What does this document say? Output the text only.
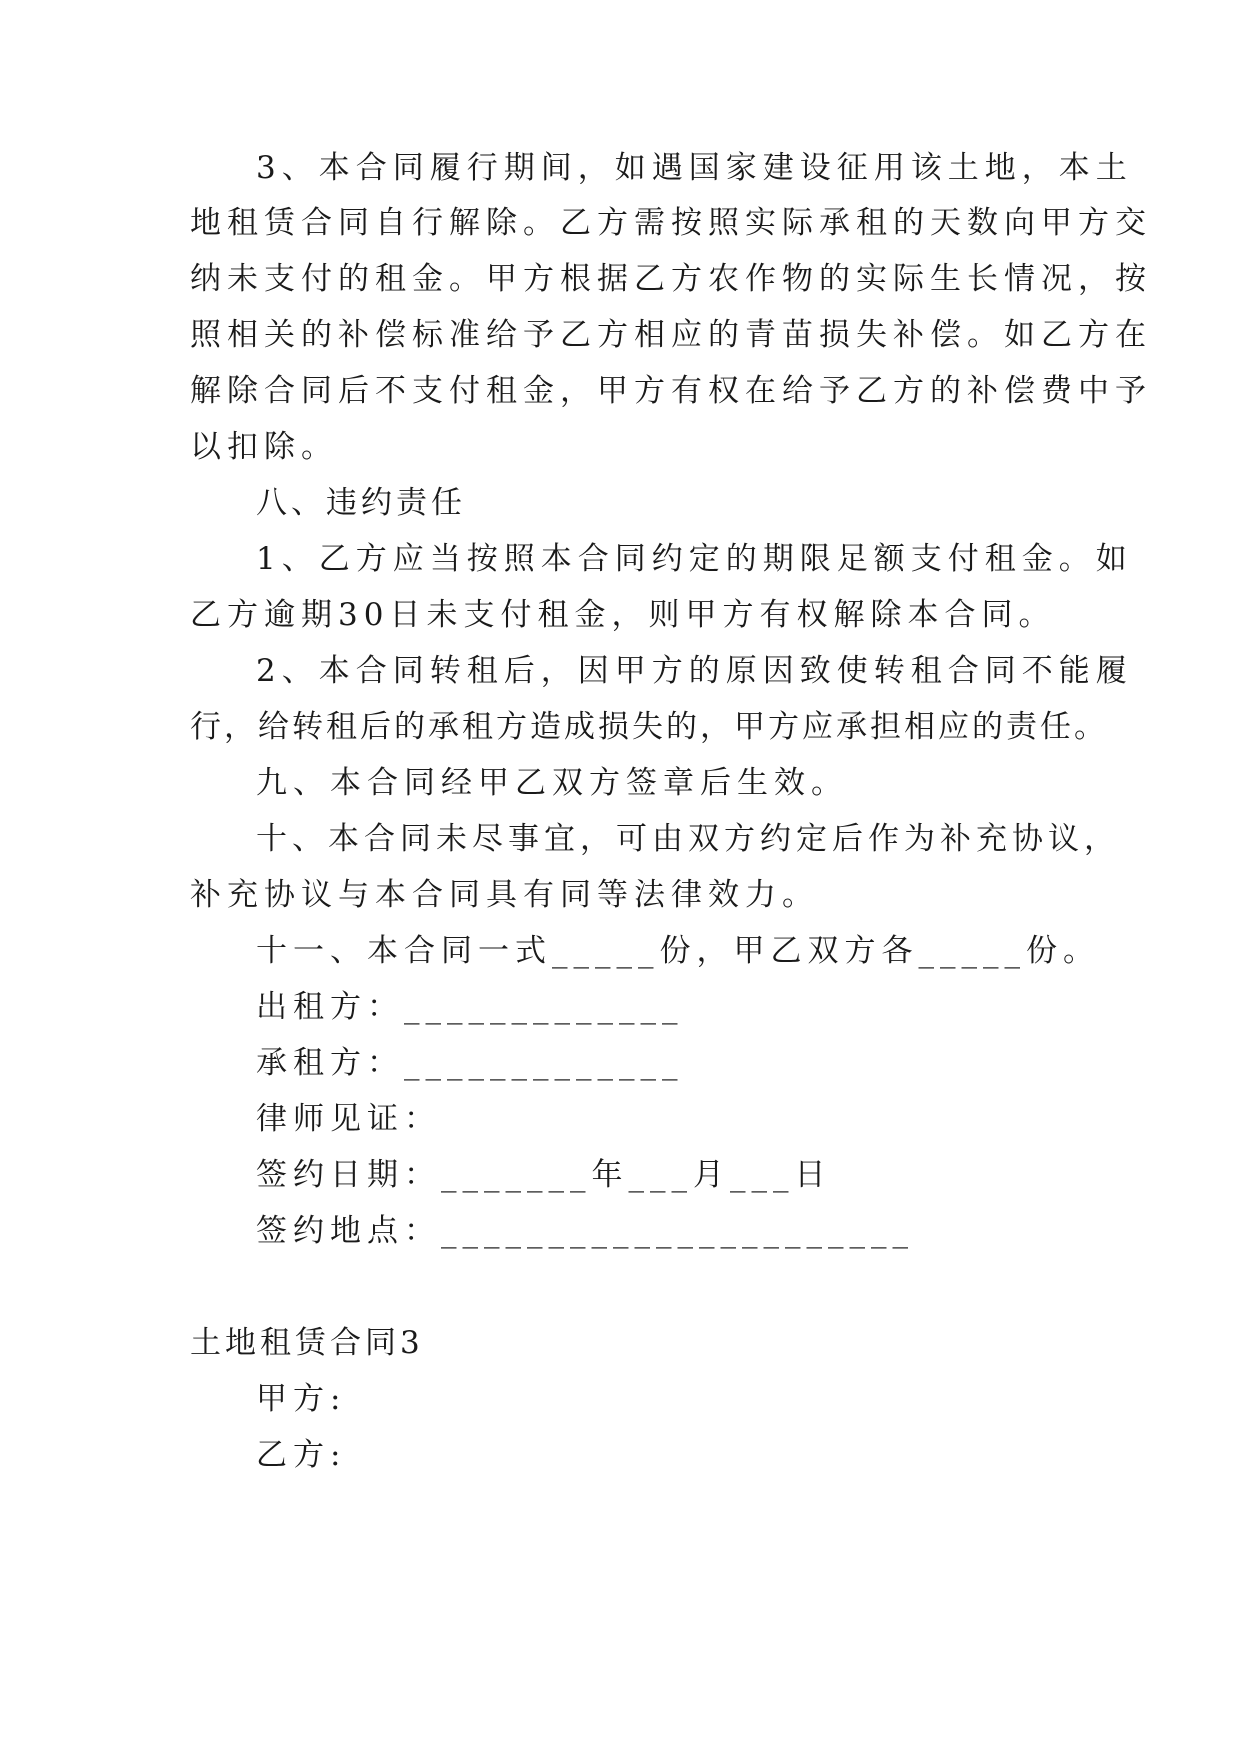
3、本合同履行期间，如遇国家建设征用该土地，本土
地租赁合同自行解除。乙方需按照实际承租的天数向甲方交
纳未支付的租金。甲方根据乙方农作物的实际生长情况，按
照相关的补偿标准给予乙方相应的青苗损失补偿。如乙方在
解除合同后不支付租金，甲方有权在给予乙方的补偿费中予
以扣除。
八、违约责任
1、乙方应当按照本合同约定的期限足额支付租金。如
乙方逾期30日未支付租金，则甲方有权解除本合同。
2、本合同转租后，因甲方的原因致使转租合同不能履
行，给转租后的承租方造成损失的，甲方应承担相应的责任。
九、本合同经甲乙双方签章后生效。
十、本合同未尽事宜，可由双方约定后作为补充协议，
补充协议与本合同具有同等法律效力。
十一、本合同一式_____份，甲乙双方各_____份。
出租方：_____________
承租方：_____________
律师见证：
签约日期：_______年___月___日
签约地点：______________________
土地租赁合同3
甲方:
乙方:
